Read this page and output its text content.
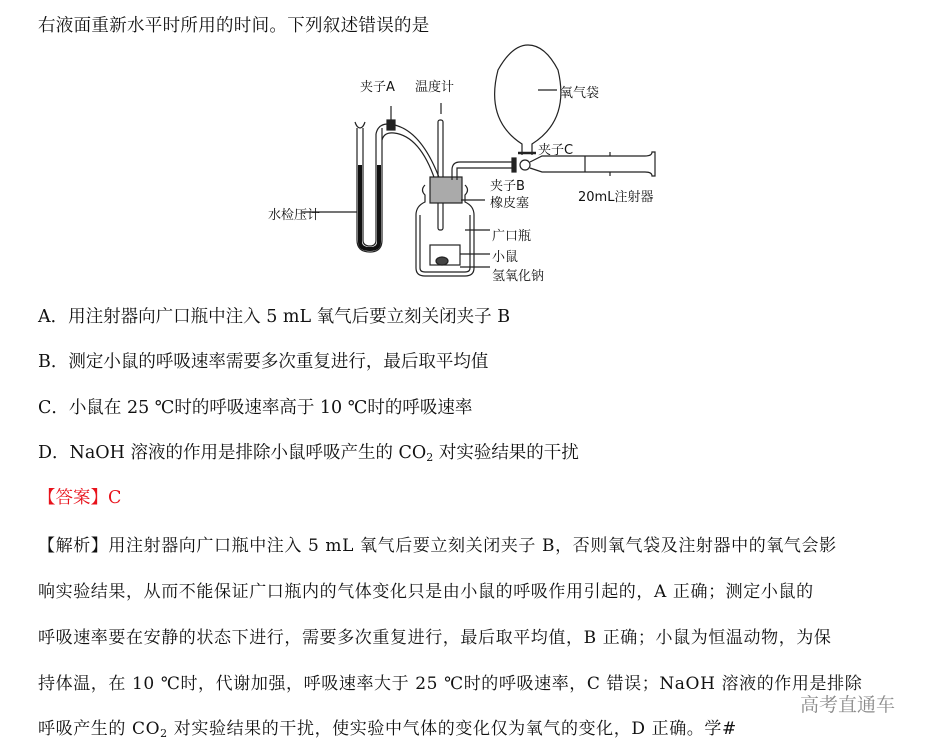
右液面重新水平时所用的时间。下列叙述错误的是
夹子A 温度计	氧气袋
夹子C
夹子B
20mL注射器
水检压计
橡皮塞
广口瓶
小鼠
氢氧化钠
A．用注射器向广口瓶中注入 5 mL 氧气后要立刻关闭夹子 B
B．测定小鼠的呼吸速率需要多次重复进行，最后取平均值
C．小鼠在 25 ℃时的呼吸速率高于 10 ℃时的呼吸速率
D．NaOH 溶液的作用是排除小鼠呼吸产生的 $CO_2$ 对实验结果的干扰
【答案】C
【解析】用注射器向广口瓶中注入 5 mL 氧气后要立刻关闭夹子 B，否则氧气袋及注射器中的氧气会影
响实验结果，从而不能保证广口瓶内的气体变化只是由小鼠的呼吸作用引起的，A 正确；测定小鼠的
呼吸速率要在安静的状态下进行，需要多次重复进行，最后取平均值，B 正确；小鼠为恒温动物，为保
持体温，在 10 ℃时，代谢加强，呼吸速率大于 25 ℃时的呼吸速率，C 错误；NaOH 溶液的作用是排除
呼吸产生的 $CO_2$ 对实验结果的干扰，使实验中气体的变化仅为氧气的变化，D 正确。学#
高考直通车
